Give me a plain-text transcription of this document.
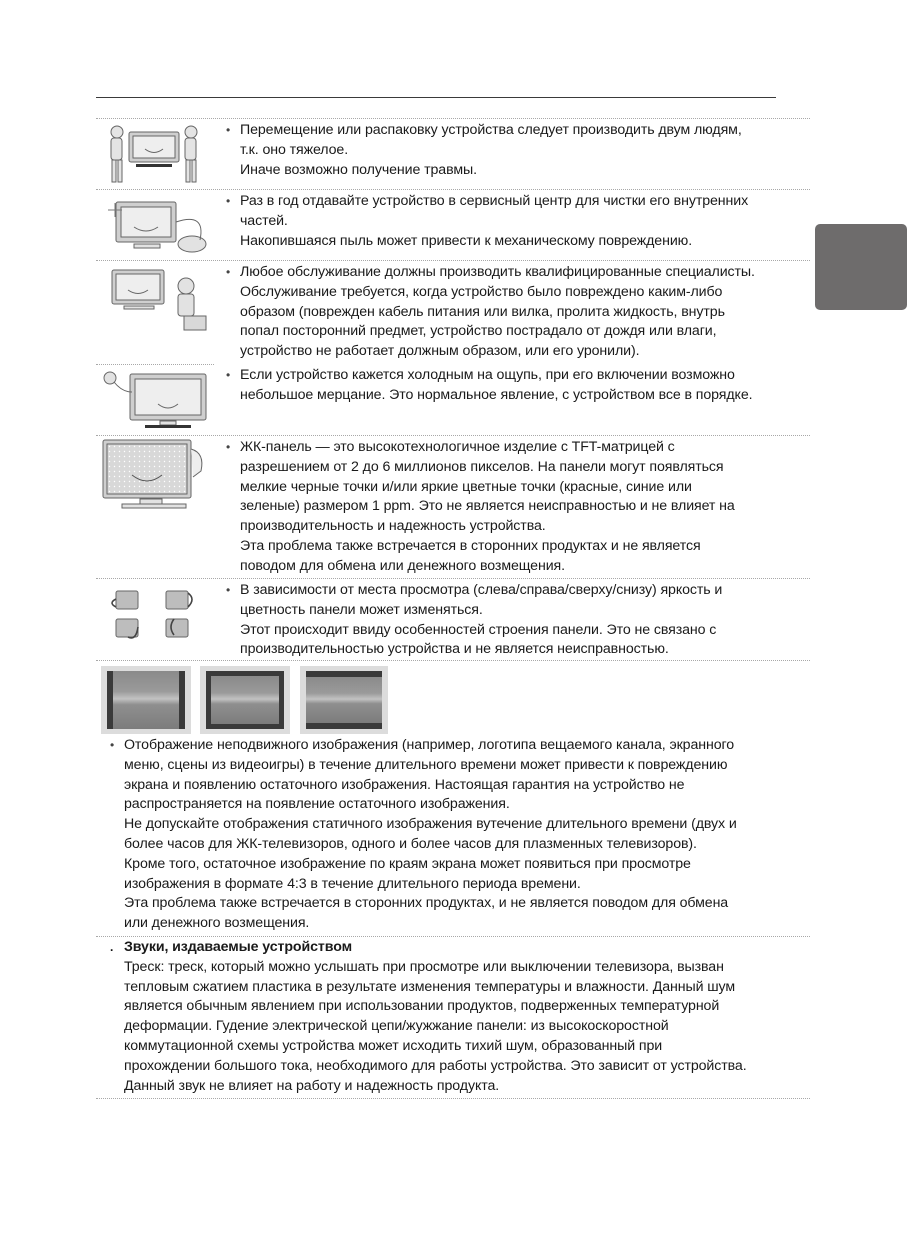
• Перемещение или распаковку устройства следует производить двум людям,

т.к. оно тяжелое.

Иначе возможно получение травмы.

• Раз в год отдавайте устройство в сервисный центр для чистки его внутренних

частей.

Накопившаяся пыль может привести к механическому повреждению.

• Любое обслуживание должны производить квалифицированные специалисты.

Обслуживание требуется, когда устройство было повреждено каким-либо

образом (поврежден кабель питания или вилка, пролита жидкость, внутрь

попал посторонний предмет, устройство пострадало от дождя или влаги,

устройство не работает должным образом, или его уронили).

• Если устройство кажется холодным на ощупь, при его включении возможно

небольшое мерцание. Это нормальное явление, с устройством все в порядке.

• ЖК-панель — это высокотехнологичное изделие с TFT-матрицей с

разрешением от 2 до 6 миллионов пикселов. На панели могут появляться

мелкие черные точки и/или яркие цветные точки (красные, синие или

зеленые) размером 1 ppm. Это не является неисправностью и не влияет на

производительность и надежность устройства.

Эта проблема также встречается в сторонних продуктах и не является

поводом для обмена или денежного возмещения.

• В зависимости от места просмотра (слева/справа/сверху/снизу) яркость и

цветность панели может изменяться.

Этот происходит ввиду особенностей строения панели. Это не связано с

производительностью устройства и не является неисправностью.

• Отображение неподвижного изображения (например, логотипа вещаемого канала, экранного

меню, сцены из видеоигры) в течение длительного времени может привести к повреждению

экрана и появлению остаточного изображения. Настоящая гарантия на устройство не

распространяется на появление остаточного изображения.

Не допускайте отображения статичного изображения вутечение длительного времени (двух и

более часов для ЖК-телевизоров, одного и более часов для плазменных телевизоров).

Кроме того, остаточное изображение по краям экрана может появиться при просмотре

изображения в формате 4:3 в течение длительного периода времени.

Эта проблема также встречается в сторонних продуктах, и не является поводом для обмена

или денежного возмещения.

. Звуки, издаваемые устройством

Треск: треск, который можно услышать при просмотре или выключении телевизора, вызван

тепловым сжатием пластика в результате изменения температуры и влажности. Данный шум

является обычным явлением при использовании продуктов, подверженных температурной

деформации. Гудение электрической цепи/жужжание панели: из высокоскоростной

коммутационной схемы устройства может исходить тихий шум, образованный при

прохождении большого тока, необходимого для работы устройства. Это зависит от устройства.

Данный звук не влияет на работу и надежность продукта.
